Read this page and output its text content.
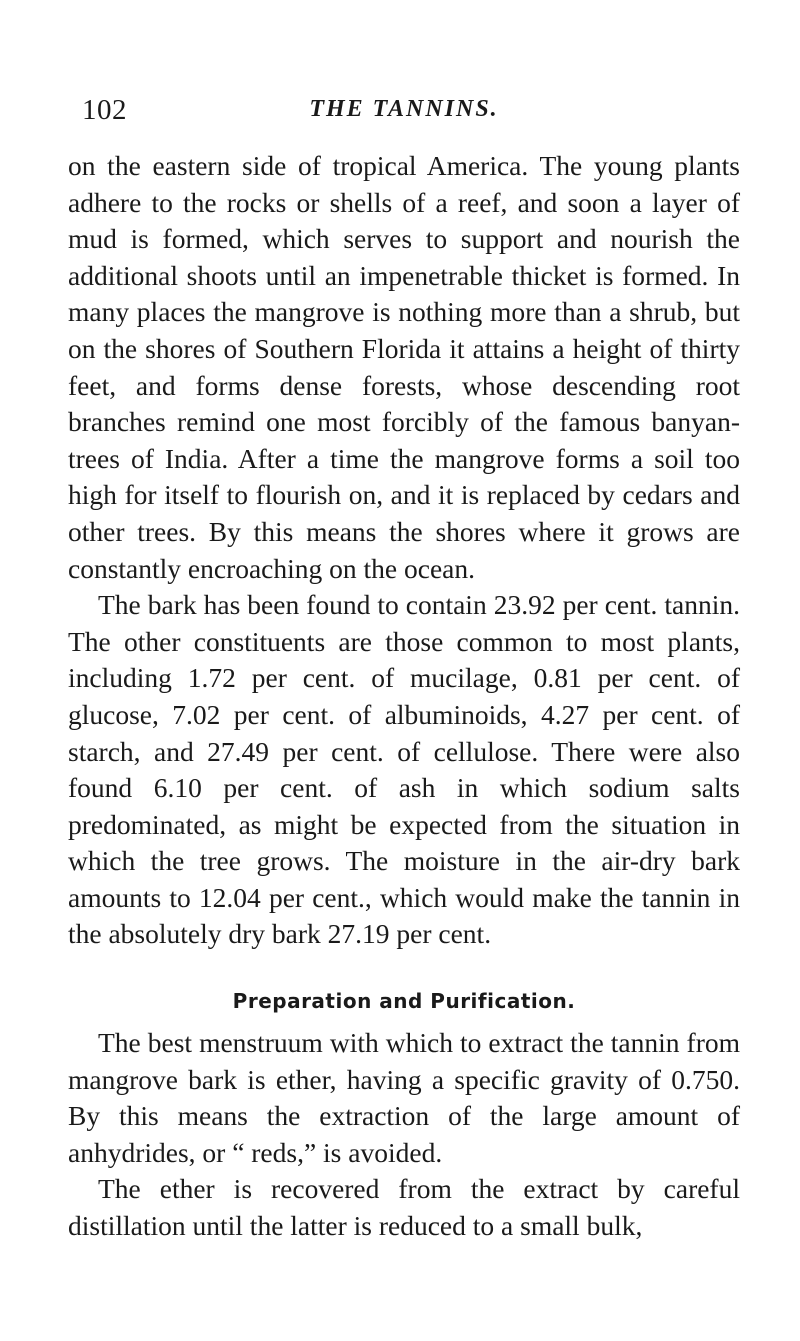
102	THE TANNINS.

on the eastern side of tropical America. The young plants adhere to the rocks or shells of a reef, and soon a layer of mud is formed, which serves to support and nourish the additional shoots until an impenetrable thicket is formed. In many places the mangrove is nothing more than a shrub, but on the shores of Southern Florida it attains a height of thirty feet, and forms dense forests, whose descending root branches remind one most forcibly of the famous banyan-trees of India. After a time the mangrove forms a soil too high for itself to flourish on, and it is replaced by cedars and other trees. By this means the shores where it grows are constantly encroaching on the ocean.

The bark has been found to contain 23.92 per cent. tannin. The other constituents are those common to most plants, including 1.72 per cent. of mucilage, 0.81 per cent. of glucose, 7.02 per cent. of albuminoids, 4.27 per cent. of starch, and 27.49 per cent. of cellulose. There were also found 6.10 per cent. of ash in which sodium salts predominated, as might be expected from the situation in which the tree grows. The moisture in the air-dry bark amounts to 12.04 per cent., which would make the tannin in the absolutely dry bark 27.19 per cent.

Preparation and Purification.

The best menstruum with which to extract the tannin from mangrove bark is ether, having a specific gravity of 0.750. By this means the extraction of the large amount of anhydrides, or “ reds,” is avoided.

The ether is recovered from the extract by careful distillation until the latter is reduced to a small bulk,
